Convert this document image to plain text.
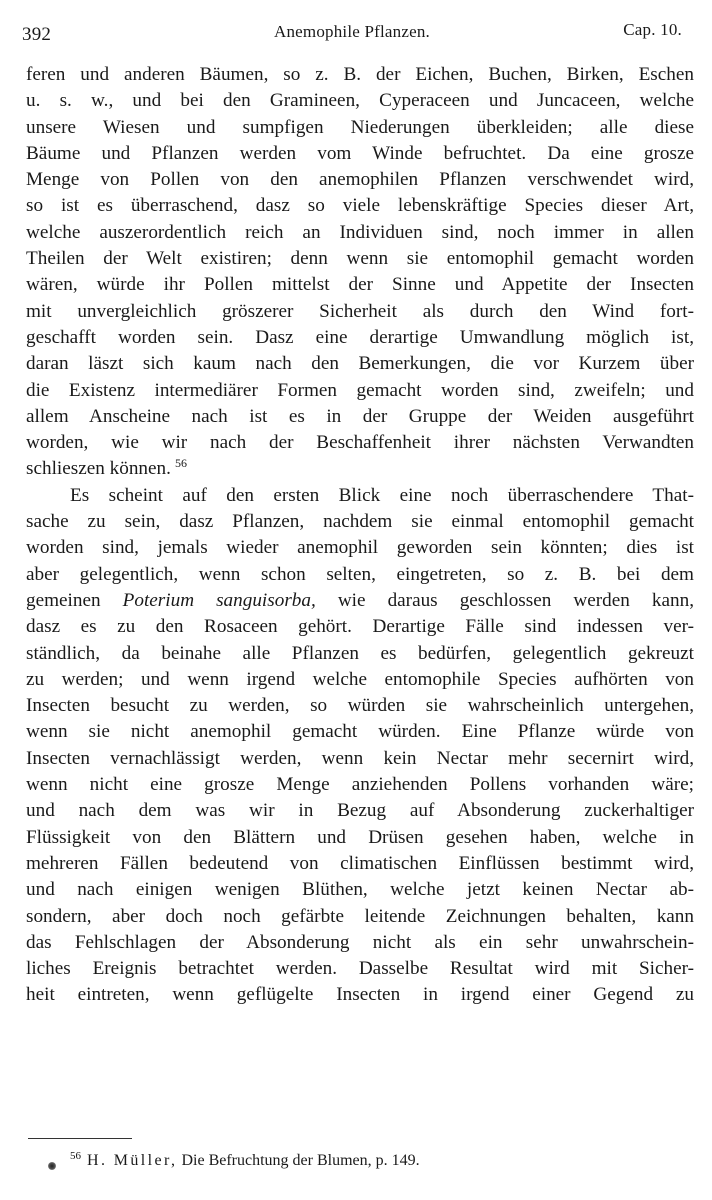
392	Anemophile Pflanzen.	Cap. 10.
feren und anderen Bäumen, so z. B. der Eichen, Buchen, Birken, Eschen
u. s. w., und bei den Gramineen, Cyperaceen und Juncaceen, welche
unsere Wiesen und sumpfigen Niederungen überkleiden; alle diese
Bäume und Pflanzen werden vom Winde befruchtet. Da eine grosze
Menge von Pollen von den anemophilen Pflanzen verschwendet wird,
so ist es überraschend, dasz so viele lebenskräftige Species dieser Art,
welche auszerordentlich reich an Individuen sind, noch immer in allen
Theilen der Welt existiren; denn wenn sie entomophil gemacht worden
wären, würde ihr Pollen mittelst der Sinne und Appetite der Insecten
mit unvergleichlich gröszerer Sicherheit als durch den Wind fort-
geschafft worden sein. Dasz eine derartige Umwandlung möglich ist,
daran läszt sich kaum nach den Bemerkungen, die vor Kurzem über
die Existenz intermediärer Formen gemacht worden sind, zweifeln; und
allem Anscheine nach ist es in der Gruppe der Weiden ausgeführt
worden, wie wir nach der Beschaffenheit ihrer nächsten Verwandten
schlieszen können. $^{56}$
Es scheint auf den ersten Blick eine noch überraschendere That-
sache zu sein, dasz Pflanzen, nachdem sie einmal entomophil gemacht
worden sind, jemals wieder anemophil geworden sein könnten; dies ist
aber gelegentlich, wenn schon selten, eingetreten, so z. B. bei dem
gemeinen Poterium sanguisorba, wie daraus geschlossen werden kann,
dasz es zu den Rosaceen gehört. Derartige Fälle sind indessen ver-
ständlich, da beinahe alle Pflanzen es bedürfen, gelegentlich gekreuzt
zu werden; und wenn irgend welche entomophile Species aufhörten von
Insecten besucht zu werden, so würden sie wahrscheinlich untergehen,
wenn sie nicht anemophil gemacht würden. Eine Pflanze würde von
Insecten vernachlässigt werden, wenn kein Nectar mehr secernirt wird,
wenn nicht eine grosze Menge anziehenden Pollens vorhanden wäre;
und nach dem was wir in Bezug auf Absonderung zuckerhaltiger
Flüssigkeit von den Blättern und Drüsen gesehen haben, welche in
mehreren Fällen bedeutend von climatischen Einflüssen bestimmt wird,
und nach einigen wenigen Blüthen, welche jetzt keinen Nectar ab-
sondern, aber doch noch gefärbte leitende Zeichnungen behalten, kann
das Fehlschlagen der Absonderung nicht als ein sehr unwahrschein-
liches Ereignis betrachtet werden. Dasselbe Resultat wird mit Sicher-
heit eintreten, wenn geflügelte Insecten in irgend einer Gegend zu
$^{56}$ H. Müller, Die Befruchtung der Blumen, p. 149.
